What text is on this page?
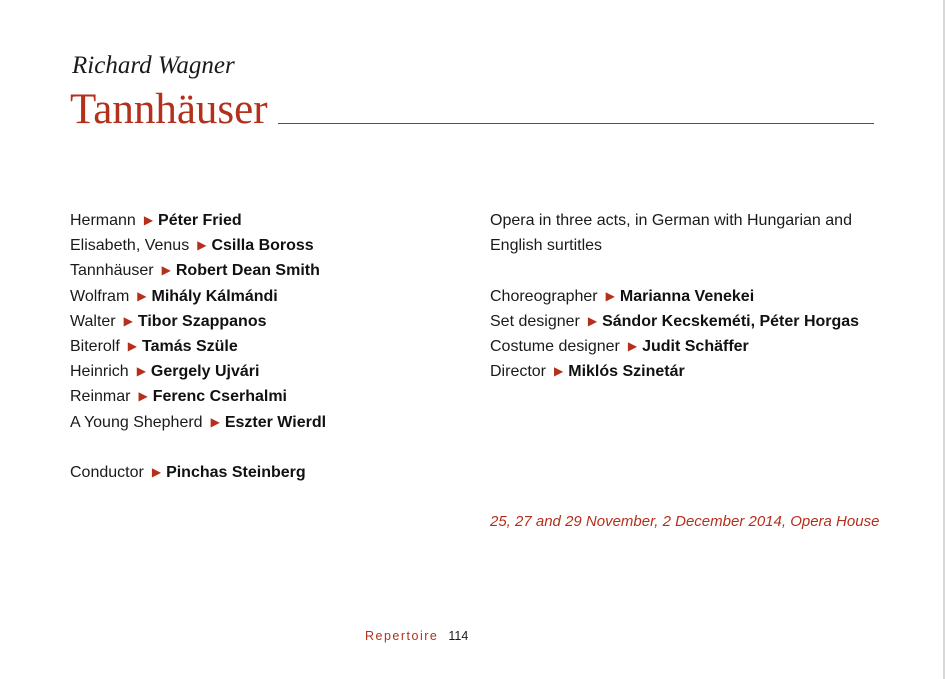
Richard Wagner
Tannhäuser
Hermann ▶ Péter Fried
Elisabeth, Venus ▶ Csilla Boross
Tannhäuser ▶ Robert Dean Smith
Wolfram ▶ Mihály Kálmándi
Walter ▶ Tibor Szappanos
Biterolf ▶ Tamás Szüle
Heinrich ▶ Gergely Ujvári
Reinmar ▶ Ferenc Cserhalmi
A Young Shepherd ▶ Eszter Wierdl
Conductor ▶ Pinchas Steinberg
Opera in three acts, in German with Hungarian and
English surtitles
Choreographer ▶ Marianna Venekei
Set designer ▶ Sándor Kecskeméti, Péter Horgas
Costume designer ▶ Judit Schäffer
Director ▶ Miklós Szinetár
25, 27 and 29 November, 2 December 2014, Opera House
Repertoire 114
